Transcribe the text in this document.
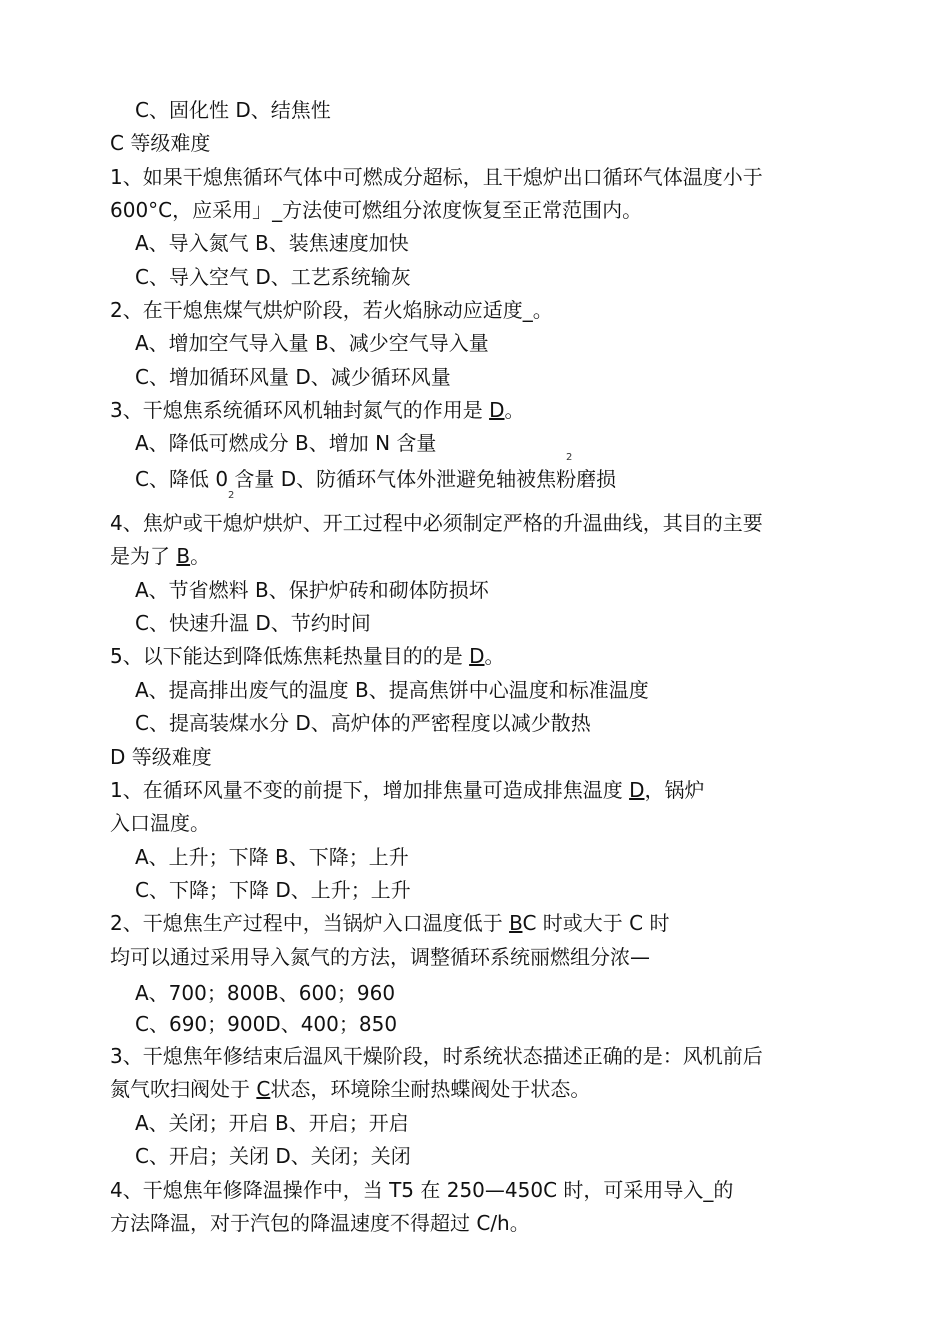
C、固化性 D、结焦性
C 等级难度
1、如果干熄焦循环气体中可燃成分超标，且干熄炉出口循环气体温度小于
600°C，应采用」_方法使可燃组分浓度恢复至正常范围内。
A、导入氮气 B、装焦速度加快
C、导入空气 D、工艺系统输灰
2、在干熄焦煤气烘炉阶段，若火焰脉动应适度_。
A、增加空气导入量 B、减少空气导入量
C、增加循环风量 D、减少循环风量
3、干熄焦系统循环风机轴封氮气的作用是 D。
A、降低可燃成分 B、增加 N 含量
2
C、降低 0 含量 D、防循环气体外泄避免轴被焦粉磨损
2
4、焦炉或干熄炉烘炉、开工过程中必须制定严格的升温曲线，其目的主要
是为了 B。
A、节省燃料 B、保护炉砖和砌体防损坏
C、快速升温 D、节约时间
5、以下能达到降低炼焦耗热量目的的是 D。
A、提高排出废气的温度 B、提高焦饼中心温度和标准温度
C、提高装煤水分 D、高炉体的严密程度以减少散热
D 等级难度
1、在循环风量不变的前提下，增加排焦量可造成排焦温度 D，锅炉
入口温度。
A、上升；下降 B、下降；上升
C、下降；下降 D、上升；上升
2、干熄焦生产过程中，当锅炉入口温度低于 BC 时或大于 C 时
均可以通过采用导入氮气的方法，调整循环系统丽燃组分浓—
A、700；800B、600；960
C、690；900D、400；850
3、干熄焦年修结束后温风干燥阶段，时系统状态描述正确的是：风机前后
氮气吹扫阀处于 C状态，环境除尘耐热蝶阀处于状态。
A、关闭；开启 B、开启；开启
C、开启；关闭 D、关闭；关闭
4、干熄焦年修降温操作中，当 T5 在 250—450C 时，可采用导入_的
方法降温，对于汽包的降温速度不得超过 C/h。
